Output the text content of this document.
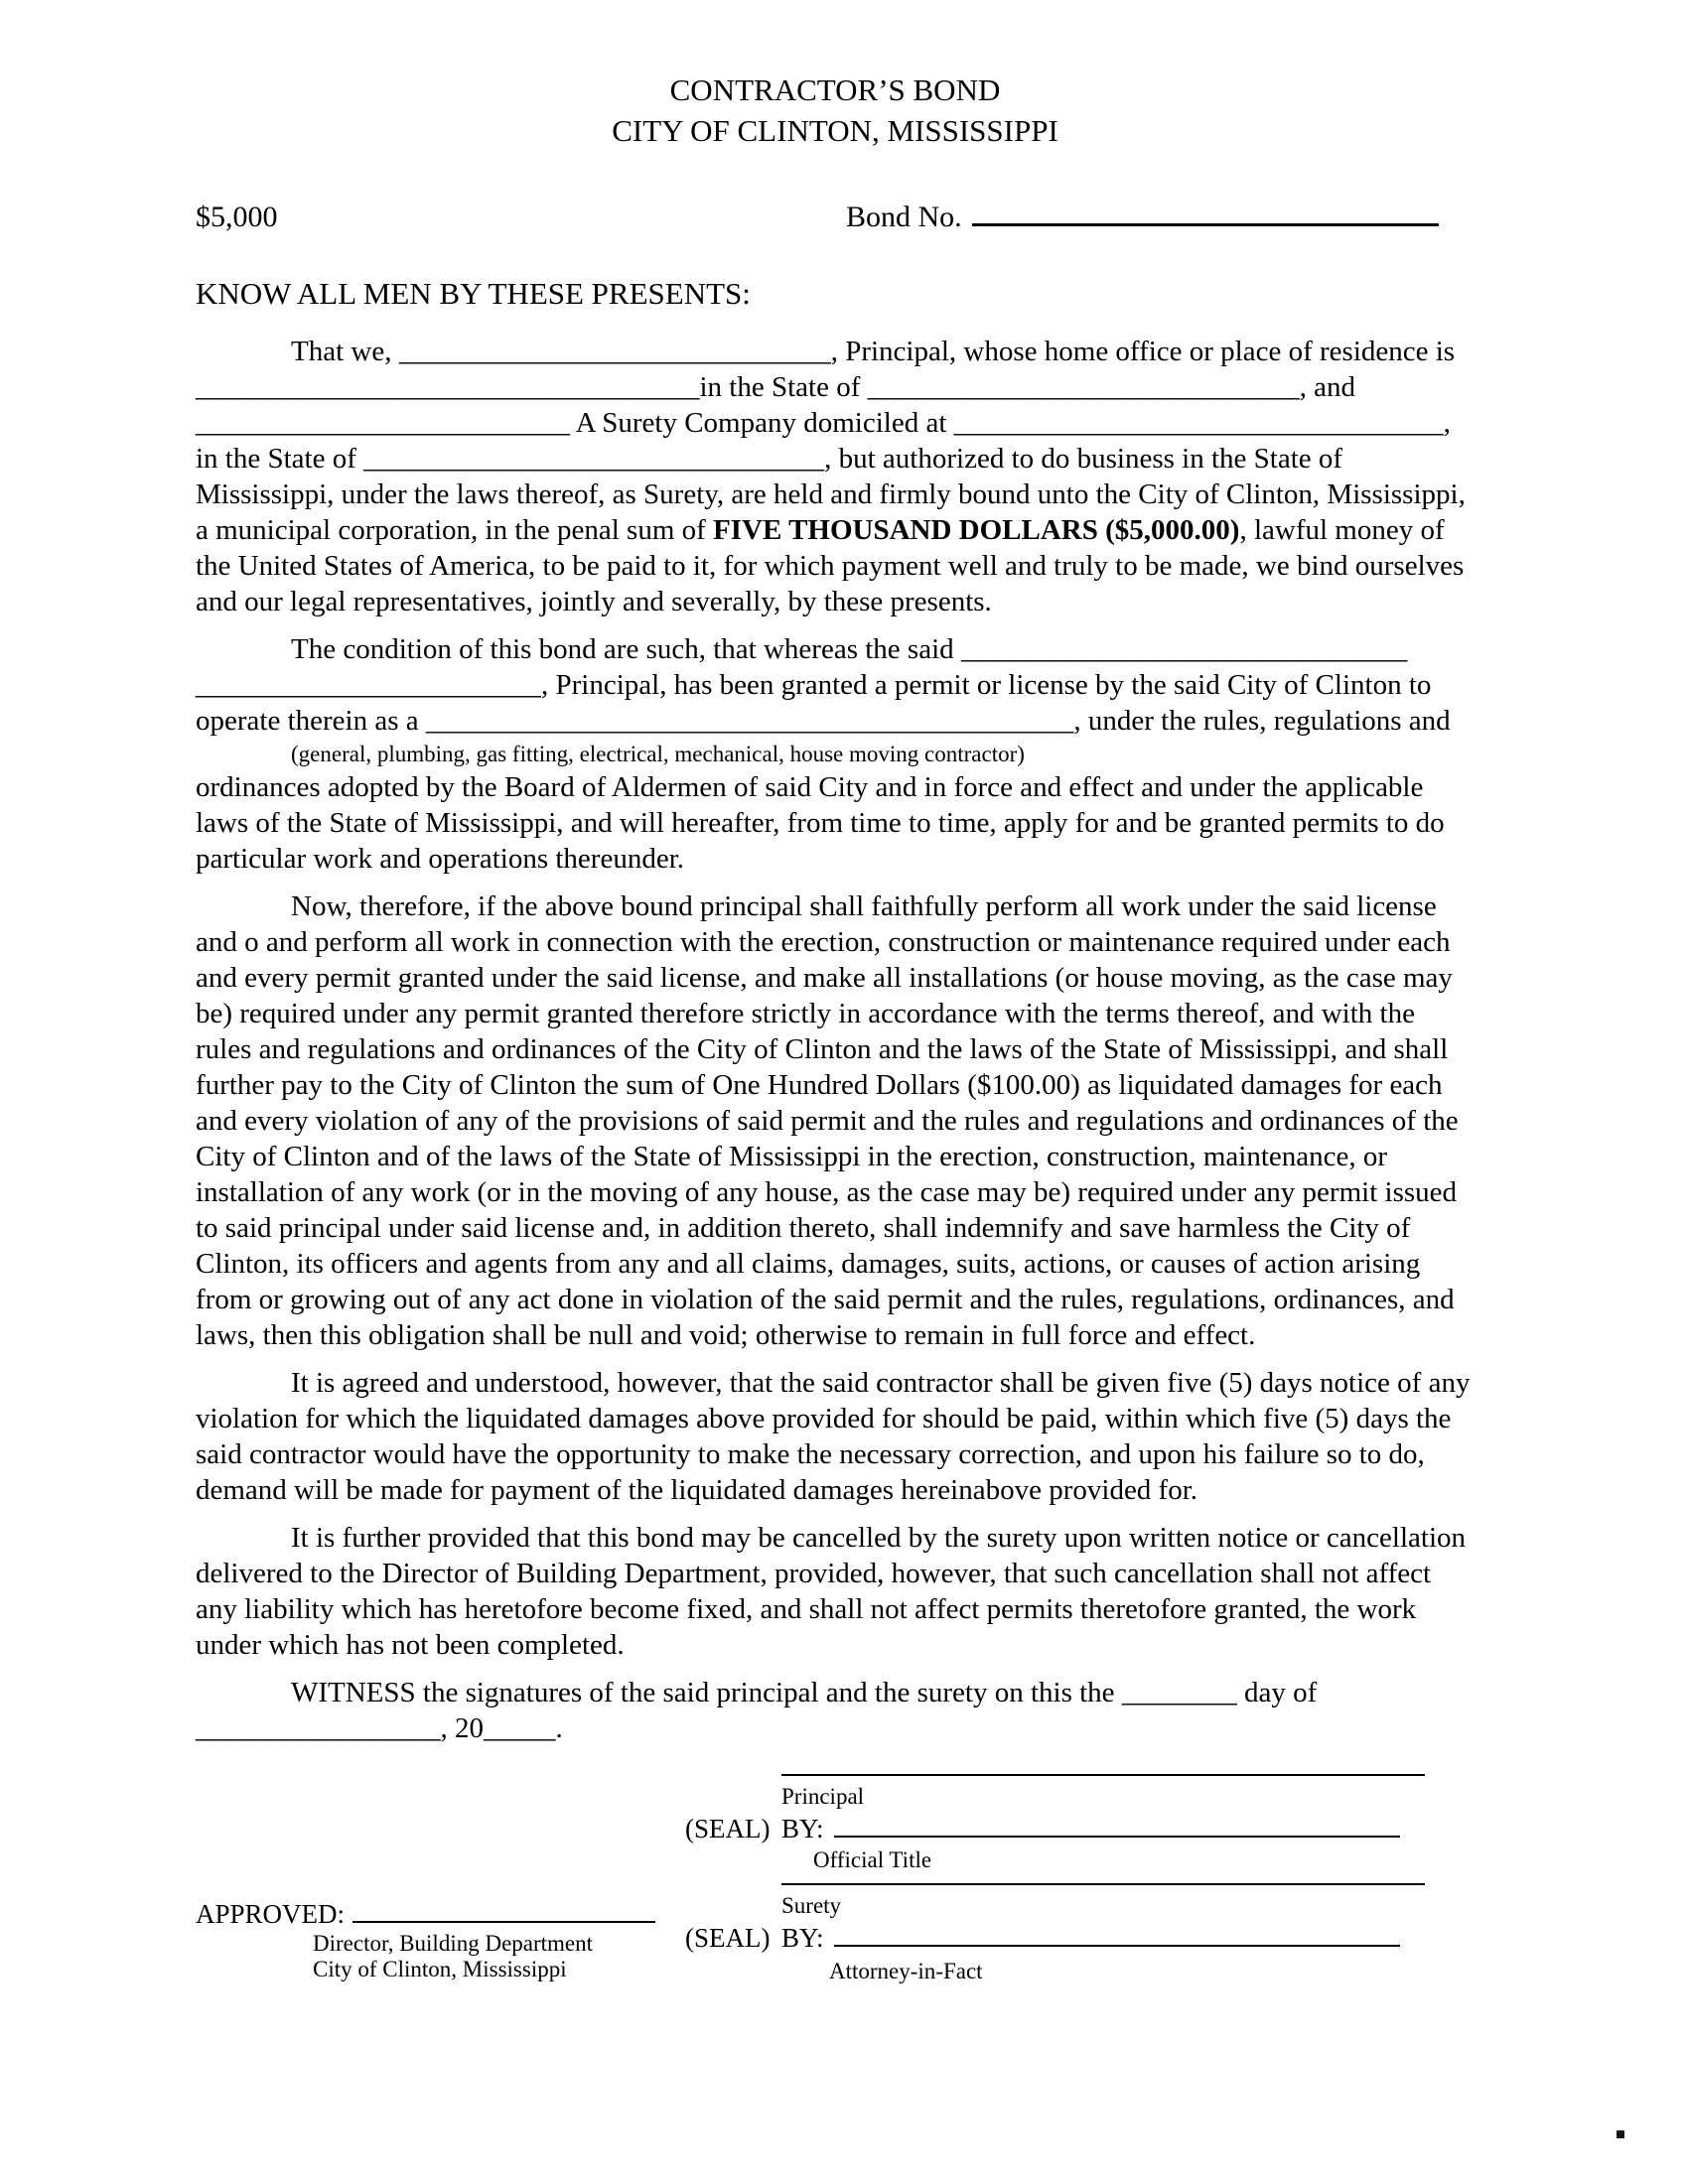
CONTRACTOR’S BOND
CITY OF CLINTON, MISSISSIPPI
$5,000	Bond No.
KNOW ALL MEN BY THESE PRESENTS:

That we, ______________________________, Principal, whose home office or place of residence is ___________________________________in the State of ______________________________, and __________________________ A Surety Company domiciled at __________________________________, in the State of ________________________________, but authorized to do business in the State of Mississippi, under the laws thereof, as Surety, are held and firmly bound unto the City of Clinton, Mississippi, a municipal corporation, in the penal sum of FIVE THOUSAND DOLLARS ($5,000.00), lawful money of the United States of America, to be paid to it, for which payment well and truly to be made, we bind ourselves and our legal representatives, jointly and severally, by these presents.

The condition of this bond are such, that whereas the said _______________________________ ________________________, Principal, has been granted a permit or license by the said City of Clinton to operate therein as a _____________________________________________, under the rules, regulations and

(general, plumbing, gas fitting, electrical, mechanical, house moving contractor)

ordinances adopted by the Board of Aldermen of said City and in force and effect and under the applicable laws of the State of Mississippi, and will hereafter, from time to time, apply for and be granted permits to do particular work and operations thereunder.

Now, therefore, if the above bound principal shall faithfully perform all work under the said license and o and perform all work in connection with the erection, construction or maintenance required under each and every permit granted under the said license, and make all installations (or house moving, as the case may be) required under any permit granted therefore strictly in accordance with the terms thereof, and with the rules and regulations and ordinances of the City of Clinton and the laws of the State of Mississippi, and shall further pay to the City of Clinton the sum of One Hundred Dollars ($100.00) as liquidated damages for each and every violation of any of the provisions of said permit and the rules and regulations and ordinances of the City of Clinton and of the laws of the State of Mississippi in the erection, construction, maintenance, or installation of any work (or in the moving of any house, as the case may be) required under any permit issued to said principal under said license and, in addition thereto, shall indemnify and save harmless the City of Clinton, its officers and agents from any and all claims, damages, suits, actions, or causes of action arising from or growing out of any act done in violation of the said permit and the rules, regulations, ordinances, and laws, then this obligation shall be null and void; otherwise to remain in full force and effect.

It is agreed and understood, however, that the said contractor shall be given five (5) days notice of any violation for which the liquidated damages above provided for should be paid, within which five (5) days the said contractor would have the opportunity to make the necessary correction, and upon his failure so to do, demand will be made for payment of the liquidated damages hereinabove provided for.

It is further provided that this bond may be cancelled by the surety upon written notice or cancellation delivered to the Director of Building Department, provided, however, that such cancellation shall not affect any liability which has heretofore become fixed, and shall not affect permits theretofore granted, the work under which has not been completed.

WITNESS the signatures of the said principal and the surety on this the ________ day of
_________________, 20_____.

Principal
(SEAL) BY:
Official Title
Surety
APPROVED:
(SEAL) BY:
Director, Building Department
City of Clinton, Mississippi	Attorney-in-Fact
